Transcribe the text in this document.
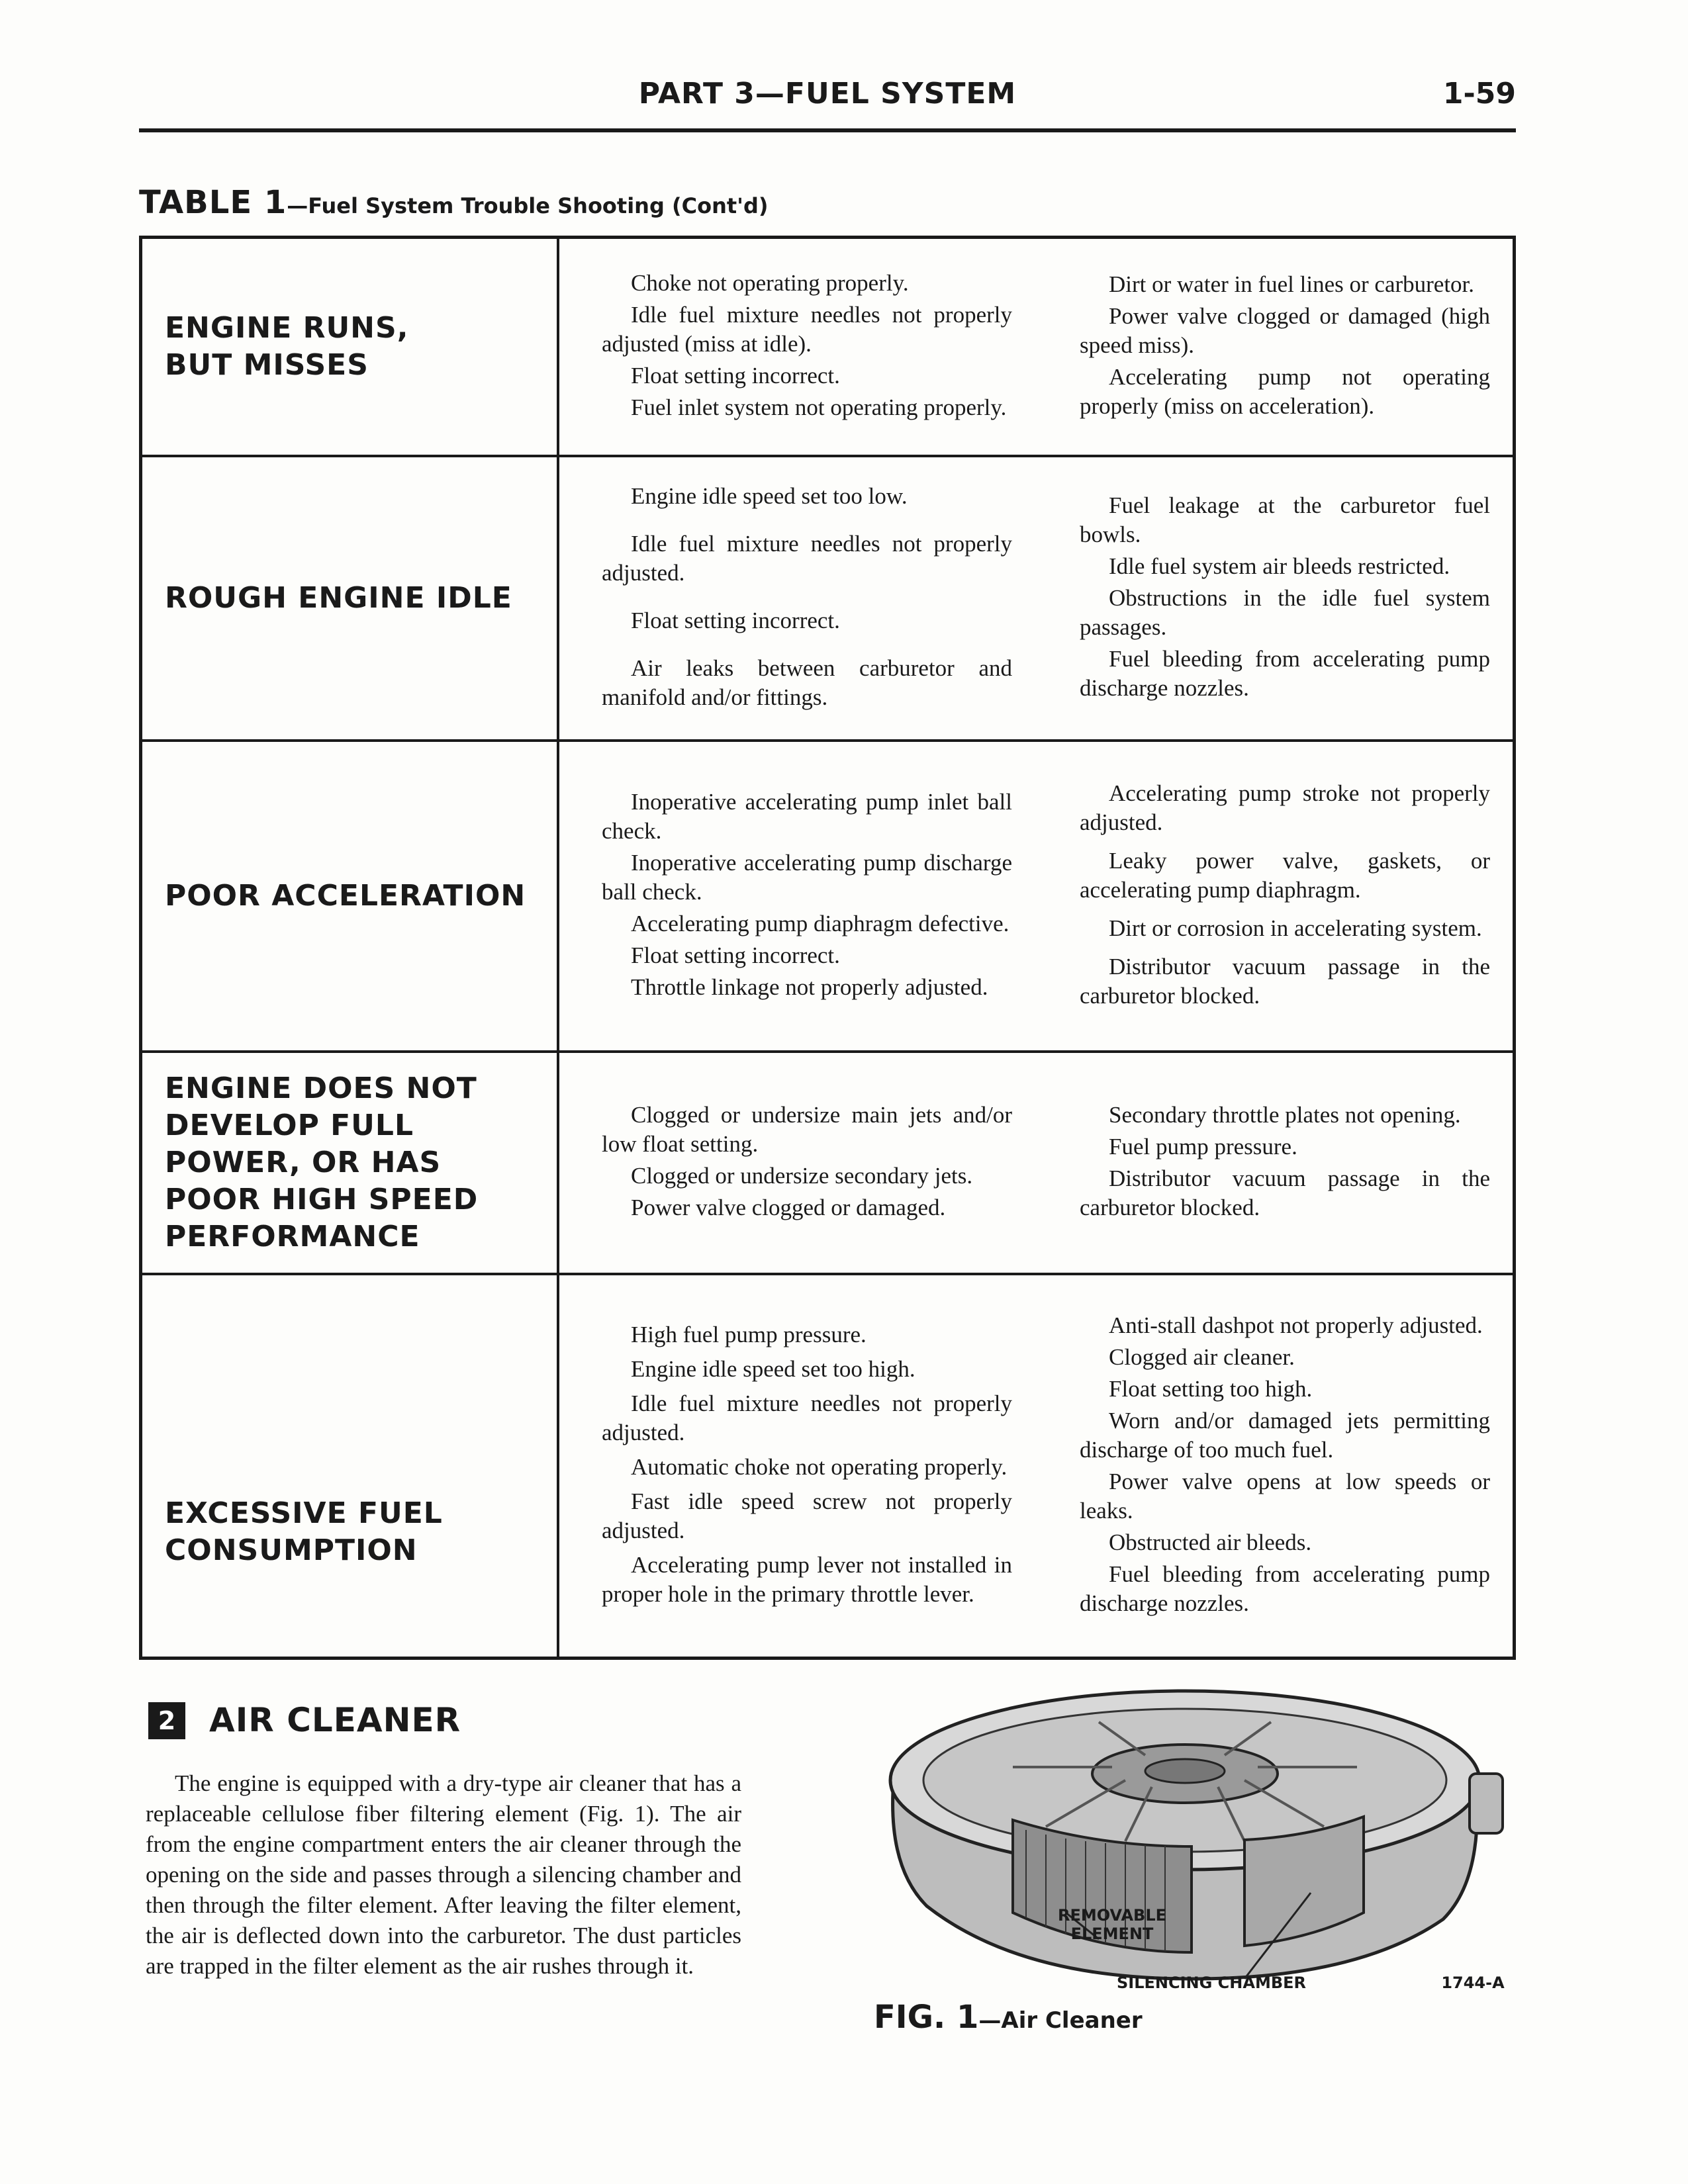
PART 3—FUEL SYSTEM	1-59
TABLE 1—Fuel System Trouble Shooting (Cont'd)
ENGINE RUNS,
BUT MISSES

Choke not operating properly.

Idle fuel mixture needles not properly adjusted (miss at idle).

Float setting incorrect.

Fuel inlet system not operating properly.

Dirt or water in fuel lines or carburetor.

Power valve clogged or damaged (high speed miss).

Accelerating pump not operating properly (miss on acceleration).

ROUGH ENGINE IDLE

Engine idle speed set too low.

Idle fuel mixture needles not properly adjusted.

Float setting incorrect.

Air leaks between carburetor and manifold and/or fittings.

Fuel leakage at the carburetor fuel bowls.

Idle fuel system air bleeds restricted.

Obstructions in the idle fuel system passages.

Fuel bleeding from accelerating pump discharge nozzles.

POOR ACCELERATION

Inoperative accelerating pump inlet ball check.

Inoperative accelerating pump discharge ball check.

Accelerating pump diaphragm defective.

Float setting incorrect.

Throttle linkage not properly adjusted.

Accelerating pump stroke not properly adjusted.

Leaky power valve, gaskets, or accelerating pump diaphragm.

Dirt or corrosion in accelerating system.

Distributor vacuum passage in the carburetor blocked.

ENGINE DOES NOT
DEVELOP FULL
POWER, OR HAS
POOR HIGH SPEED
PERFORMANCE

Clogged or undersize main jets and/or low float setting.

Clogged or undersize secondary jets.

Power valve clogged or damaged.

Secondary throttle plates not opening.

Fuel pump pressure.

Distributor vacuum passage in the carburetor blocked.

EXCESSIVE FUEL
CONSUMPTION

High fuel pump pressure.

Engine idle speed set too high.

Idle fuel mixture needles not properly adjusted.

Automatic choke not operating properly.

Fast idle speed screw not properly adjusted.

Accelerating pump lever not installed in proper hole in the primary throttle lever.

Anti-stall dashpot not properly adjusted.

Clogged air cleaner.

Float setting too high.

Worn and/or damaged jets permitting discharge of too much fuel.

Power valve opens at low speeds or leaks.

Obstructed air bleeds.

Fuel bleeding from accelerating pump discharge nozzles.

2 AIR CLEANER

The engine is equipped with a dry-type air cleaner that has a replaceable cellulose fiber filtering element (Fig. 1). The air from the engine compartment enters the air cleaner through the opening on the side and passes through a silencing chamber and then through the filter element. After leaving the filter element, the air is deflected down into the carburetor. The dust particles are trapped in the filter element as the air rushes through it.

REMOVABLE
ELEMENT
SILENCING CHAMBER	1744-A
FIG. 1—Air Cleaner
